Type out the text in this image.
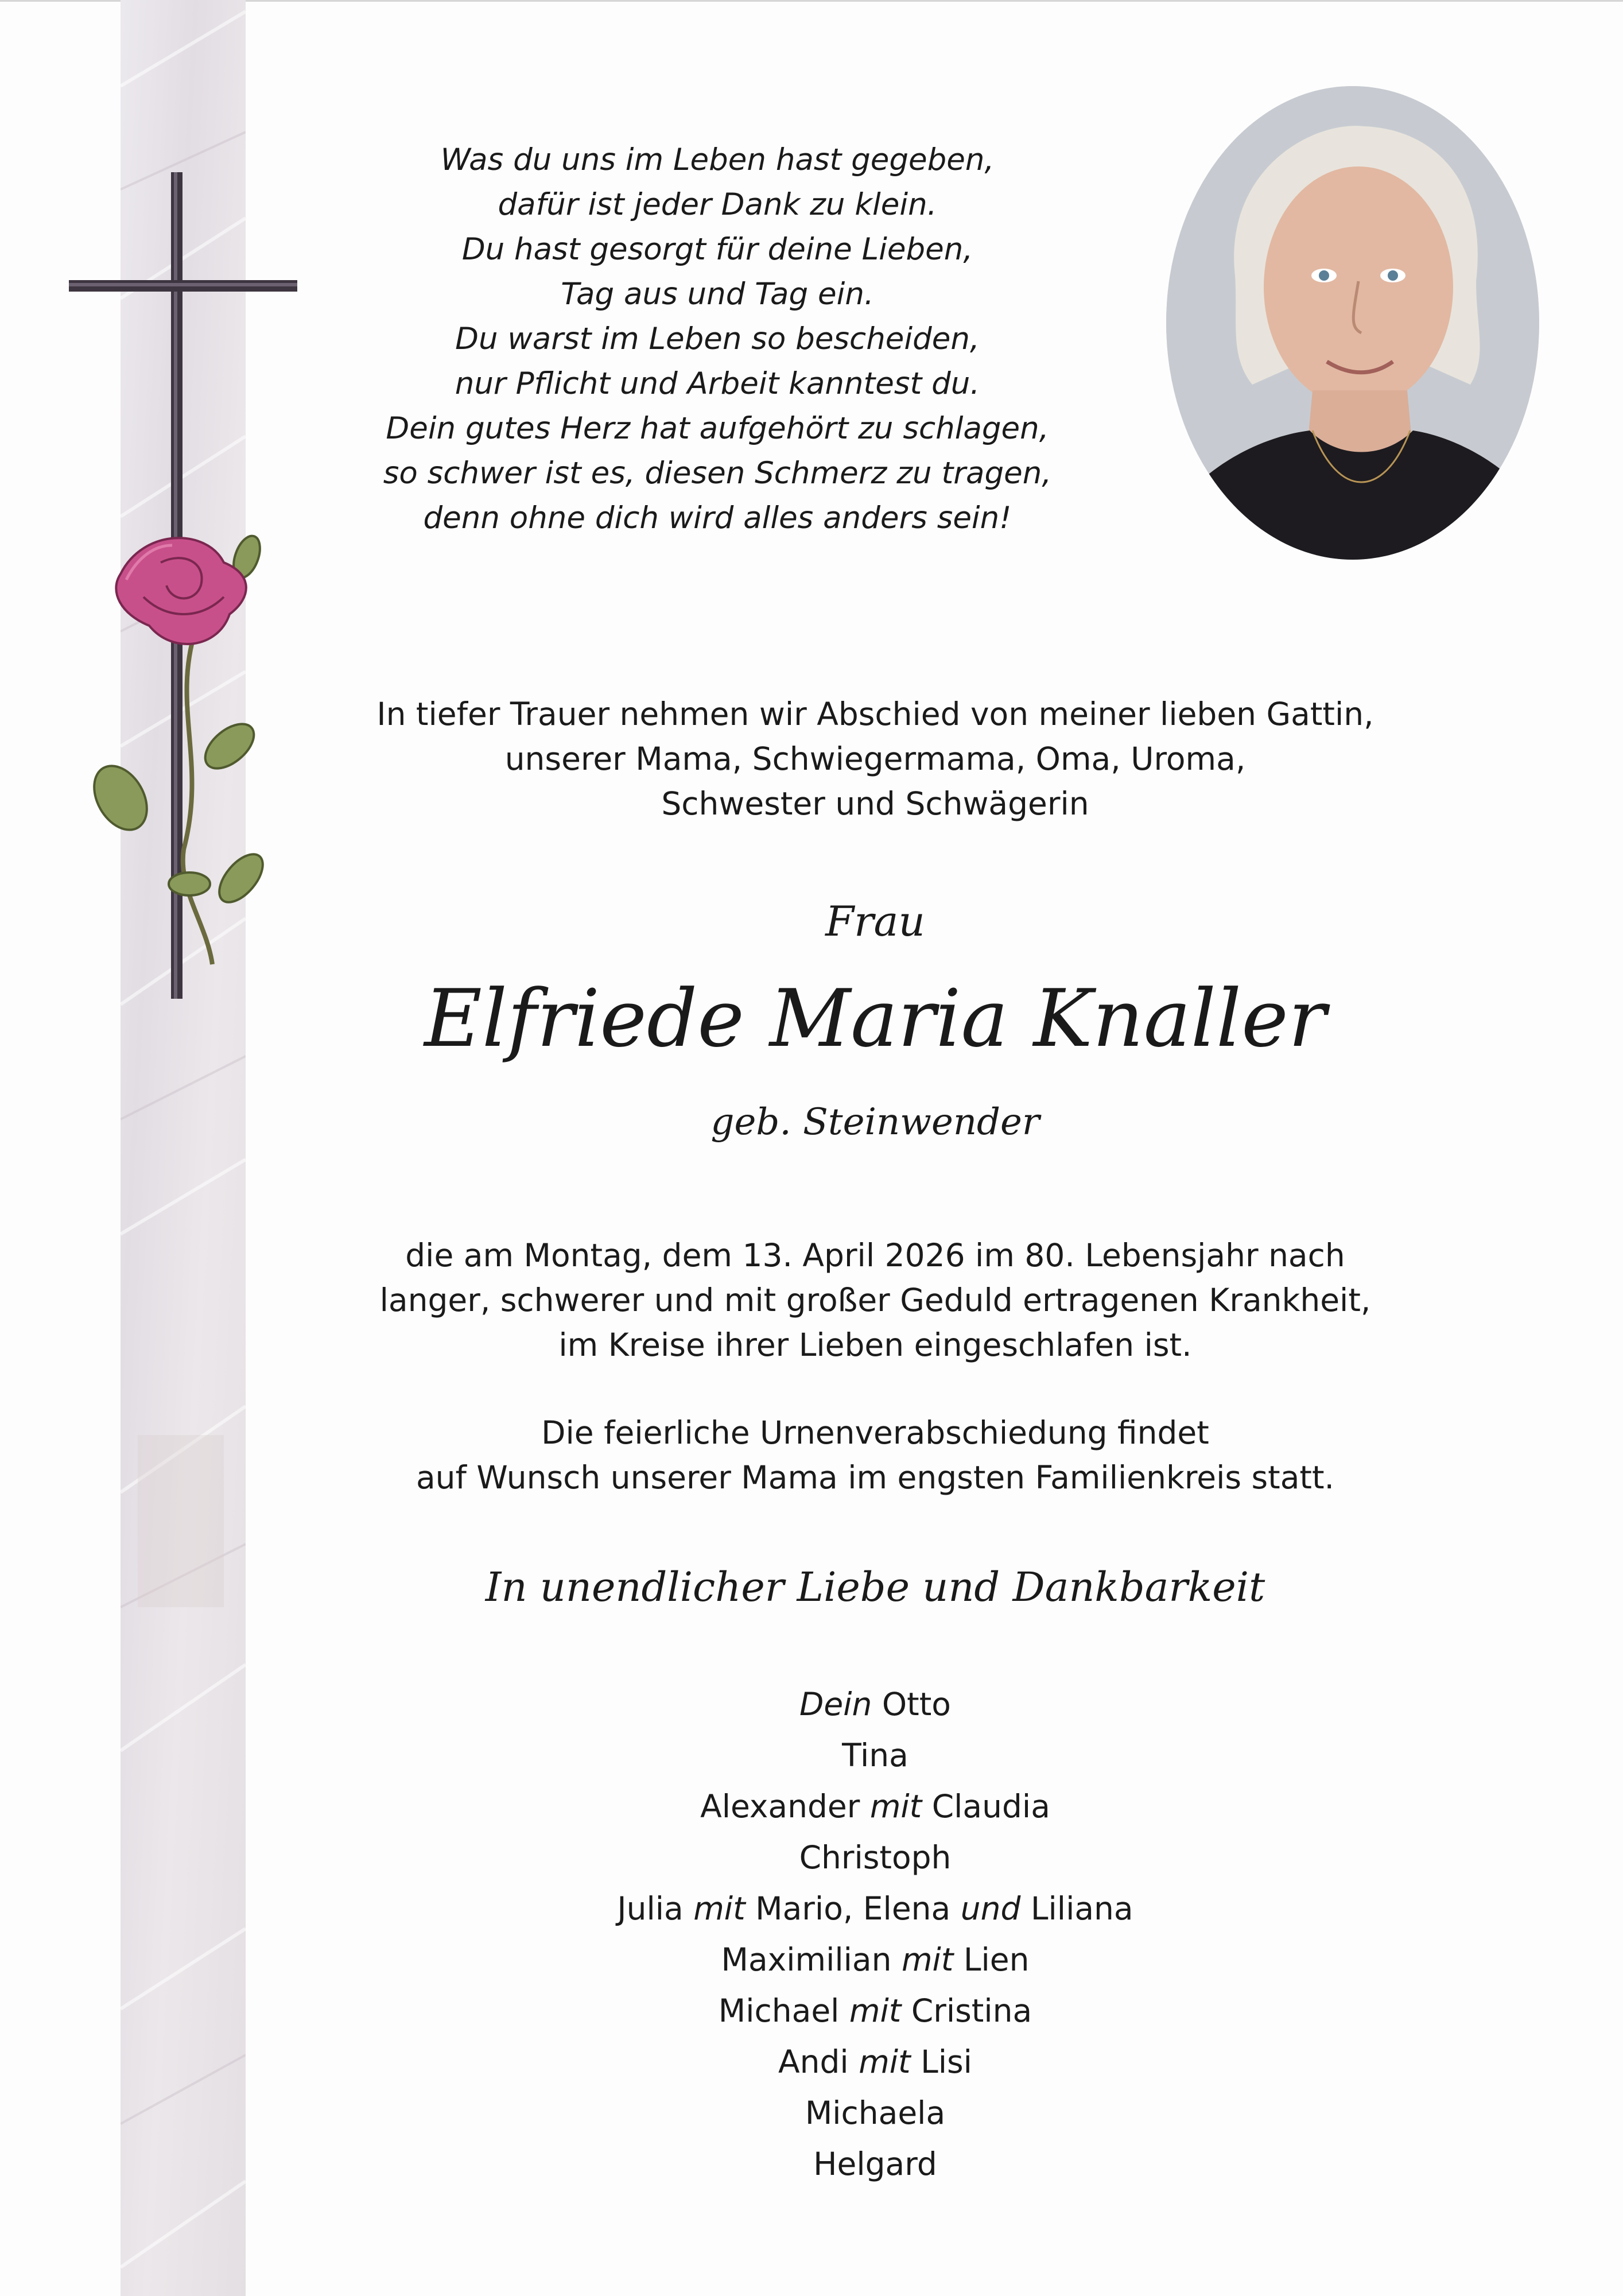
Was du uns im Leben hast gegeben,
dafür ist jeder Dank zu klein.
Du hast gesorgt für deine Lieben,
Tag aus und Tag ein.
Du warst im Leben so bescheiden,
nur Pflicht und Arbeit kanntest du.
Dein gutes Herz hat aufgehört zu schlagen,
so schwer ist es, diesen Schmerz zu tragen,
denn ohne dich wird alles anders sein!
In tiefer Trauer nehmen wir Abschied von meiner lieben Gattin,
unserer Mama, Schwiegermama, Oma, Uroma,
Schwester und Schwägerin
Frau
Elfriede Maria Knaller
geb. Steinwender
die am Montag, dem 13. April 2026 im 80. Lebensjahr nach
langer, schwerer und mit großer Geduld ertragenen Krankheit,
im Kreise ihrer Lieben eingeschlafen ist.
Die feierliche Urnenverabschiedung findet
auf Wunsch unserer Mama im engsten Familienkreis statt.
In unendlicher Liebe und Dankbarkeit
Dein Otto
Tina
Alexander mit Claudia
Christoph
Julia mit Mario, Elena und Liliana
Maximilian mit Lien
Michael mit Cristina
Andi mit Lisi
Michaela
Helgard
